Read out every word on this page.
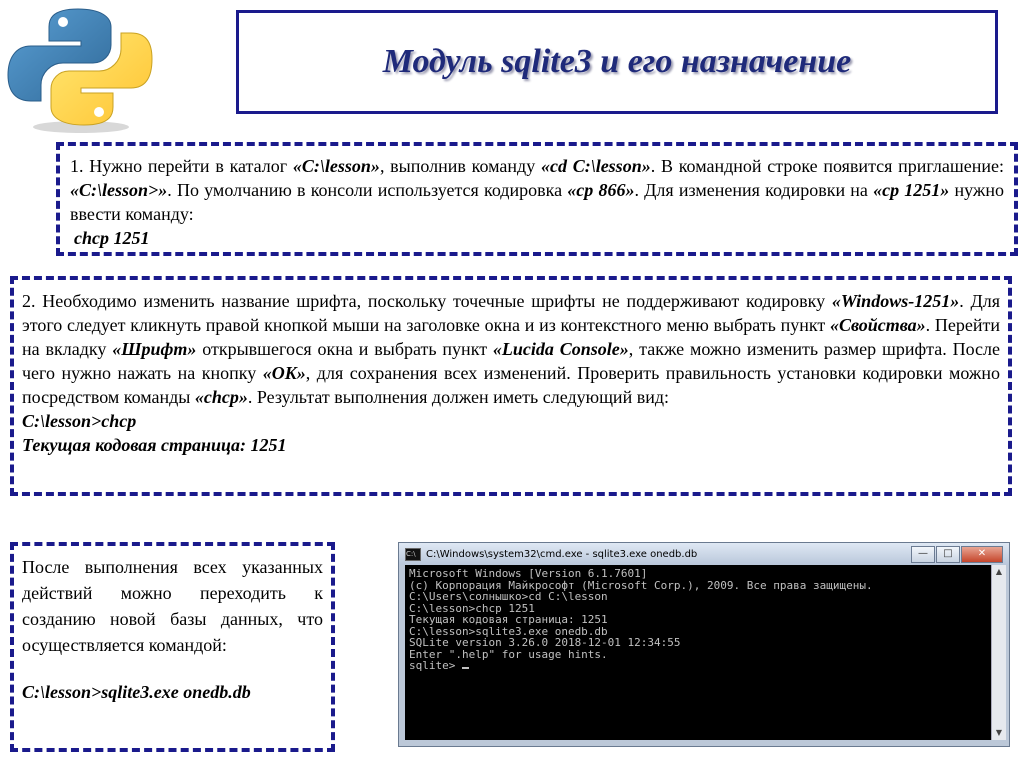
Модуль sqlite3 и его назначение

1. Нужно перейти в каталог «C:\lesson», выполнив команду «cd C:\lesson». В командной строке появится приглашение: «C:\lesson>». По умолчанию в консоли используется кодировка «cp 866». Для изменения кодировки на «cp 1251» нужно ввести команду:

chcp 1251

2. Необходимо изменить название шрифта, поскольку точечные шрифты не поддерживают кодировку «Windows-1251». Для этого следует кликнуть правой кнопкой мыши на заголовке окна и из контекстного меню выбрать пункт «Свойства». Перейти на вкладку «Шрифт» открывшегося окна и выбрать пункт «Lucida Console», также можно изменить размер шрифта. После чего нужно нажать на кнопку «OK», для сохранения всех изменений. Проверить правильность установки кодировки можно посредством команды «chcp». Результат выполнения должен иметь следующий вид:

C:\lesson>chcp
Текущая кодовая страница: 1251

После выполнения всех указанных действий можно переходить к созданию новой базы данных, что осуществляется командой:

C:\lesson>sqlite3.exe onedb.db
C:\	C:\Windows\system32\cmd.exe - sqlite3.exe onedb.db	—	□	✕
Microsoft Windows [Version 6.1.7601]
(c) Корпорация Майкрософт (Microsoft Corp.), 2009. Все права защищены.
C:\Users\солнышко>cd C:\lesson
C:\lesson>chcp 1251
Текущая кодовая страница: 1251
C:\lesson>sqlite3.exe onedb.db
SQLite version 3.26.0 2018-12-01 12:34:55
Enter ".help" for usage hints.
sqlite>
▲
▼
